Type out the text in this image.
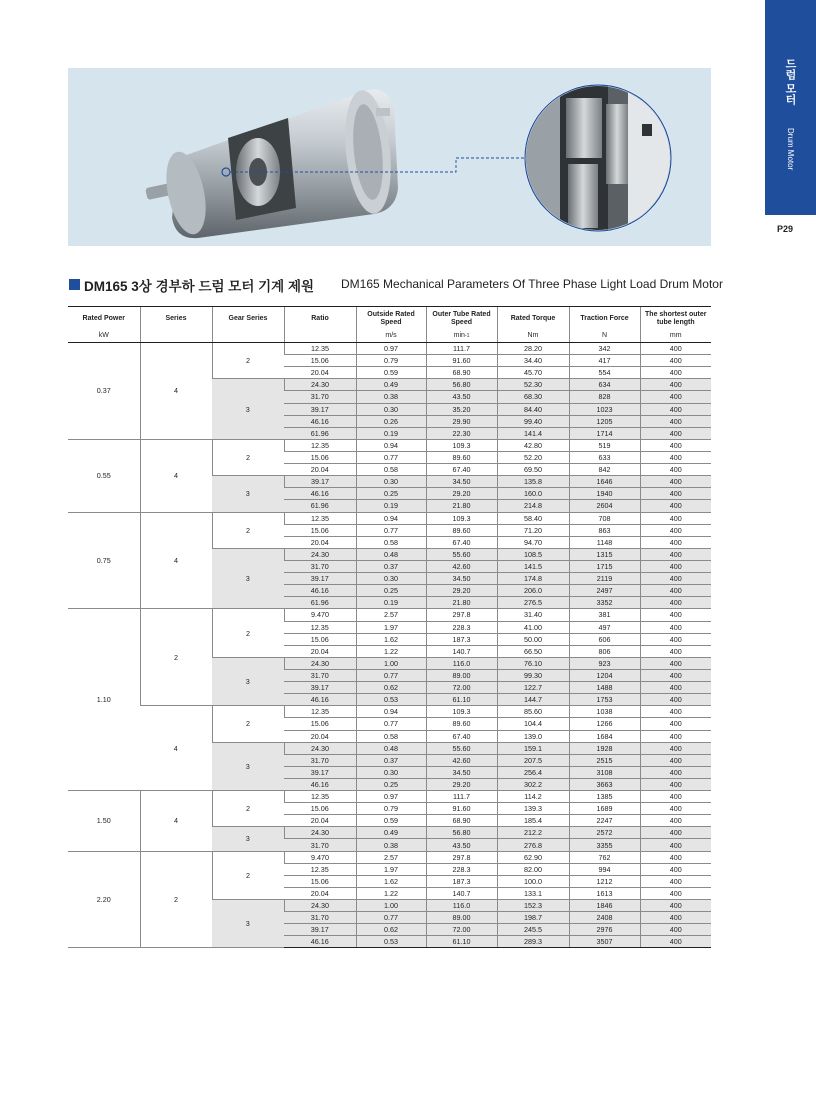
드럼 모터
Drum Motor
P29
DM165 3상 경부하 드럼 모터 기계 제원 DM165 Mechanical Parameters Of Three Phase Light Load Drum Motor
Rated Power	Series	Gear Series	Ratio	Outside Rated Speed	Outer Tube Rated Speed	Rated Torque	Traction Force	The shortest outer tube length
kW				m/s	$\min^{-1}$	Nm	N	mm
0.37	4	2	12.35	0.97	111.7	28.20	342	400
			15.06	0.79	91.60	34.40	417	400
			20.04	0.59	68.90	45.70	554	400
		3	24.30	0.49	56.80	52.30	634	400
			31.70	0.38	43.50	68.30	828	400
			39.17	0.30	35.20	84.40	1023	400
			46.16	0.26	29.90	99.40	1205	400
			61.96	0.19	22.30	141.4	1714	400
0.55	4	2	12.35	0.94	109.3	42.80	519	400
			15.06	0.77	89.60	52.20	633	400
			20.04	0.58	67.40	69.50	842	400
		3	39.17	0.30	34.50	135.8	1646	400
			46.16	0.25	29.20	160.0	1940	400
			61.96	0.19	21.80	214.8	2604	400
0.75	4	2	12.35	0.94	109.3	58.40	708	400
			15.06	0.77	89.60	71.20	863	400
			20.04	0.58	67.40	94.70	1148	400
		3	24.30	0.48	55.60	108.5	1315	400
			31.70	0.37	42.60	141.5	1715	400
			39.17	0.30	34.50	174.8	2119	400
			46.16	0.25	29.20	206.0	2497	400
			61.96	0.19	21.80	276.5	3352	400
1.10	2	2	9.470	2.57	297.8	31.40	381	400
			12.35	1.97	228.3	41.00	497	400
			15.06	1.62	187.3	50.00	606	400
			20.04	1.22	140.7	66.50	806	400
		3	24.30	1.00	116.0	76.10	923	400
			31.70	0.77	89.00	99.30	1204	400
			39.17	0.62	72.00	122.7	1488	400
			46.16	0.53	61.10	144.7	1753	400
	4	2	12.35	0.94	109.3	85.60	1038	400
			15.06	0.77	89.60	104.4	1266	400
			20.04	0.58	67.40	139.0	1684	400
		3	24.30	0.48	55.60	159.1	1928	400
			31.70	0.37	42.60	207.5	2515	400
			39.17	0.30	34.50	256.4	3108	400
			46.16	0.25	29.20	302.2	3663	400
1.50	4	2	12.35	0.97	111.7	114.2	1385	400
			15.06	0.79	91.60	139.3	1689	400
			20.04	0.59	68.90	185.4	2247	400
		3	24.30	0.49	56.80	212.2	2572	400
			31.70	0.38	43.50	276.8	3355	400
2.20	2	2	9.470	2.57	297.8	62.90	762	400
			12.35	1.97	228.3	82.00	994	400
			15.06	1.62	187.3	100.0	1212	400
			20.04	1.22	140.7	133.1	1613	400
		3	24.30	1.00	116.0	152.3	1846	400
			31.70	0.77	89.00	198.7	2408	400
			39.17	0.62	72.00	245.5	2976	400
			46.16	0.53	61.10	289.3	3507	400
